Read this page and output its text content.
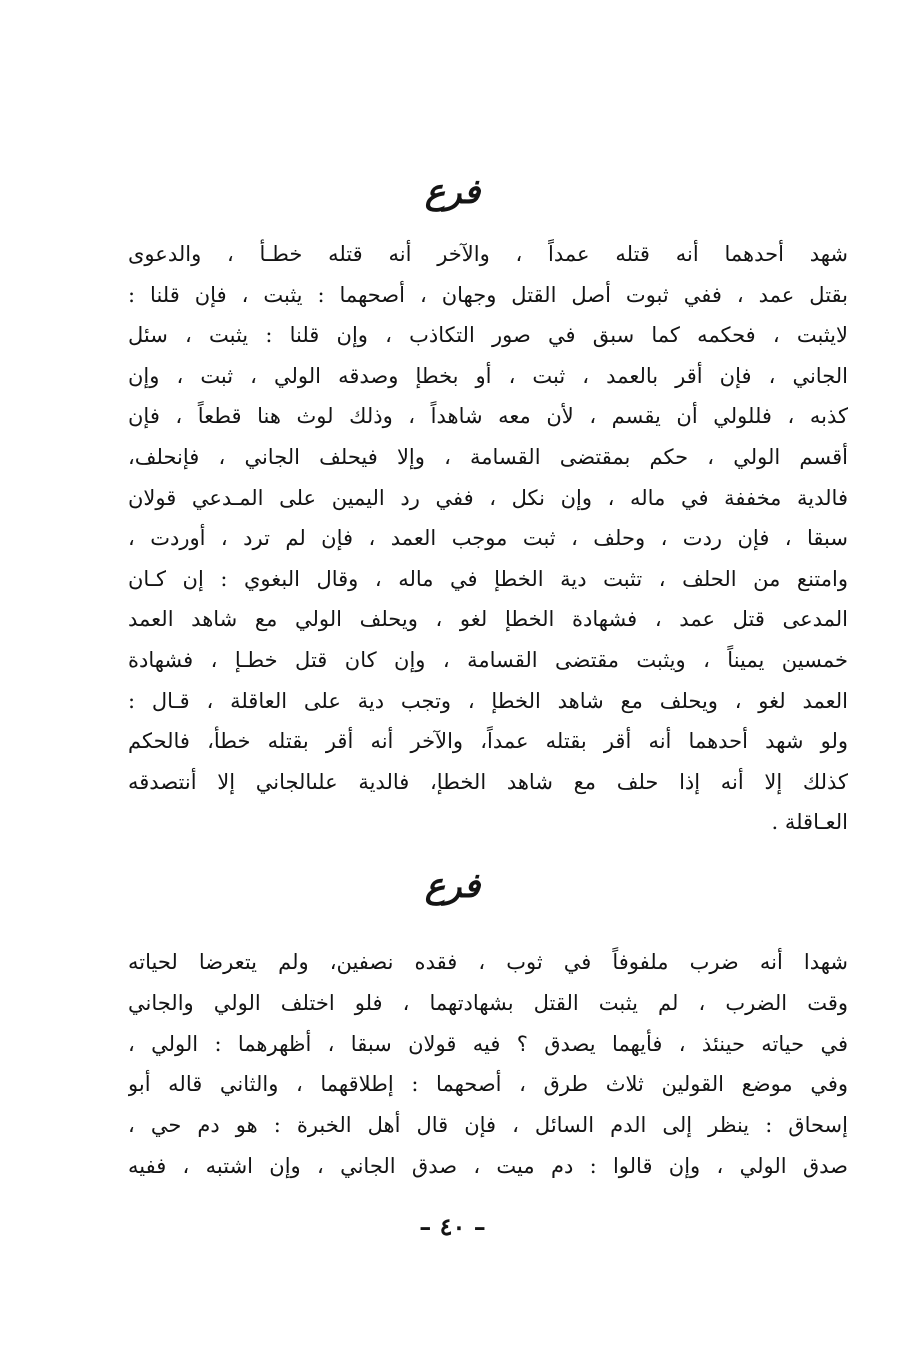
فرع
شهد أحدهما أنه قتله عمداً ، والآخر أنه قتله خطـأ ، والدعوى
بقتل عمد ، ففي ثبوت أصل القتل وجهان ، أصحهما : يثبت ، فإن قلنا :
لايثبت ، فحكمه كما سبق في صور التكاذب ، وإن قلنا : يثبت ، سئل
الجاني ، فإن أقر بالعمد ، ثبت ، أو بخطإ وصدقه الولي ، ثبت ، وإن
كذبه ، فللولي أن يقسم ، لأن معه شاهداً ، وذلك لوث هنا قطعاً ، فإن
أقسم الولي ، حكم بمقتضى القسامة ، وإلا فيحلف الجاني ، فإنحلف،
فالدية مخففة في ماله ، وإن نكل ، ففي رد اليمين على المـدعي قولان
سبقا ، فإن ردت ، وحلف ، ثبت موجب العمد ، فإن لم ترد ، أوردت ،
وامتنع من الحلف ، تثبت دية الخطإ في ماله ، وقال البغوي : إن كـان
المدعى قتل عمد ، فشهادة الخطإ لغو ، ويحلف الولي مع شاهد العمد
خمسين يميناً ، ويثبت مقتضى القسامة ، وإن كان قتل خطـإ ، فشهادة
العمد لغو ، ويحلف مع شاهد الخطإ ، وتجب دية على العاقلة ، قـال :
ولو شهد أحدهما أنه أقر بقتله عمداً، والآخر أنه أقر بقتله خطأ، فالحكم
كذلك إلا أنه إذا حلف مع شاهد الخطإ، فالدية علىالجاني إلا أنتصدقه
العـاقلة .
فرع
شهدا أنه ضرب ملفوفاً في ثوب ، فقده نصفين، ولم يتعرضا لحياته
وقت الضرب ، لم يثبت القتل بشهادتهما ، فلو اختلف الولي والجاني
في حياته حينئذ ، فأيهما يصدق ؟ فيه قولان سبقا ، أظهرهما : الولي ،
وفي موضع القولين ثلاث طرق ، أصحهما : إطلاقهما ، والثاني قاله أبو
إسحاق : ينظر إلى الدم السائل ، فإن قال أهل الخبرة : هو دم حي ،
صدق الولي ، وإن قالوا : دم ميت ، صدق الجاني ، وإن اشتبه ، ففيه
– ٤٠ –
